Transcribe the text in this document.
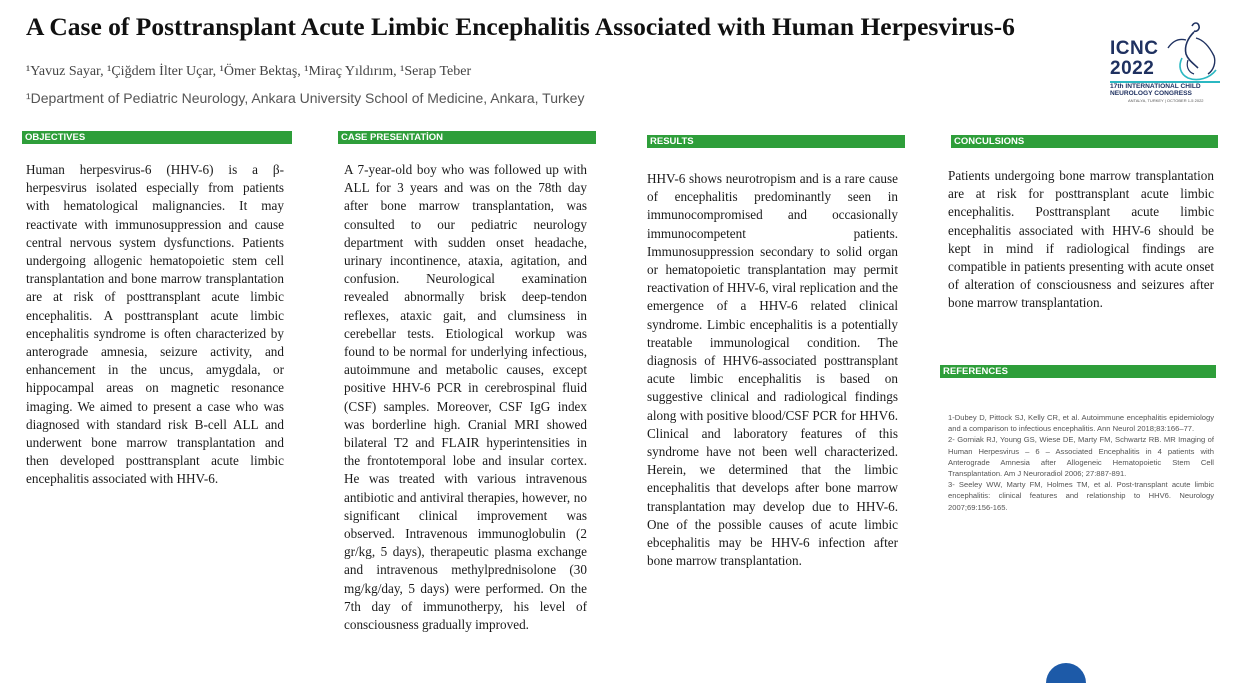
A Case of Posttransplant Acute Limbic Encephalitis Associated with Human Herpesvirus-6
¹Yavuz Sayar, ¹Çiğdem İlter Uçar, ¹Ömer Bektaş, ¹Miraç Yıldırım, ¹Serap Teber
¹Department of Pediatric Neurology, Ankara University School of Medicine, Ankara, Turkey
ICNC
2022
17th INTERNATIONAL CHILD
NEUROLOGY CONGRESS
ANTALYA, TURKEY | OCTOBER 1-5 2022
OBJECTIVES

Human herpesvirus-6 (HHV-6) is a β-herpesvirus isolated especially from patients with hematological malignancies. It may reactivate with immunosuppression and cause central nervous system dysfunctions. Patients undergoing allogenic hematopoietic stem cell transplantation and bone marrow transplantation are at risk of posttransplant acute limbic encephalitis. A posttransplant acute limbic encephalitis syndrome is often characterized by anterograde amnesia, seizure activity, and enhancement in the uncus, amygdala, or hippocampal areas on magnetic resonance imaging. We aimed to present a case who was diagnosed with standard risk B-cell ALL and underwent bone marrow transplantation and then developed posttransplant acute limbic encephalitis associated with HHV-6.

CASE PRESENTATİON

A 7-year-old boy who was followed up with ALL for 3 years and was on the 78th day after bone marrow transplantation, was consulted to our pediatric neurology department with sudden onset headache, urinary incontinence, ataxia, agitation, and confusion. Neurological examination revealed abnormally brisk deep-tendon reflexes, ataxic gait, and clumsiness in cerebellar tests. Etiological workup was found to be normal for underlying infectious, autoimmune and metabolic causes, except positive HHV-6 PCR in cerebrospinal fluid (CSF) samples. Moreover, CSF IgG index was borderline high. Cranial MRI showed bilateral T2 and FLAIR hyperintensities in the frontotemporal lobe and insular cortex. He was treated with various intravenous antibiotic and antiviral therapies, however, no significant clinical improvement was observed. Intravenous immunoglobulin (2 gr/kg, 5 days), therapeutic plasma exchange and intravenous methylprednisolone (30 mg/kg/day, 5 days) were performed. On the 7th day of immunotherpy, his level of consciousness gradually improved.

RESULTS

HHV-6 shows neurotropism and is a rare cause of encephalitis predominantly seen in immunocompromised and occasionally immunocompetent patients. Immunosuppression secondary to solid organ or hematopoietic transplantation may permit reactivation of HHV-6, viral replication and the emergence of a HHV-6 related clinical syndrome. Limbic encephalitis is a potentially treatable immunological condition. The diagnosis of HHV6-associated posttransplant acute limbic encephalitis is based on suggestive clinical and radiological findings along with positive blood/CSF PCR for HHV6. Clinical and laboratory features of this syndrome have not been well characterized. Herein, we determined that the limbic encephalitis that develops after bone marrow transplantation may develop due to HHV-6. One of the possible causes of acute limbic ebcephalitis may be HHV-6 infection after bone marrow transplantation.

CONCULSIONS

Patients undergoing bone marrow transplantation are at risk for posttransplant acute limbic encephalitis. Posttransplant acute limbic encephalitis associated with HHV-6 should be kept in mind if radiological findings are compatible in patients presenting with acute onset of alteration of consciousness and seizures after bone marrow transplantation.

REFERENCES

1-Dubey D, Pittock SJ, Kelly CR, et al. Autoimmune encephalitis epidemiology and a comparison to infectious encephalitis. Ann Neurol 2018;83:166–77.

2- Gorniak RJ, Young GS, Wiese DE, Marty FM, Schwartz RB. MR Imaging of Human Herpesvirus – 6 – Associated Encephalitis in 4 patients with Anterograde Amnesia after Allogeneic Hematopoietic Stem Cell Transplantation. Am J Neuroradiol 2006; 27:887-891.

3- Seeley WW, Marty FM, Holmes TM, et al. Post-transplant acute limbic encephalitis: clinical features and relationship to HHV6. Neurology 2007;69:156-165.
